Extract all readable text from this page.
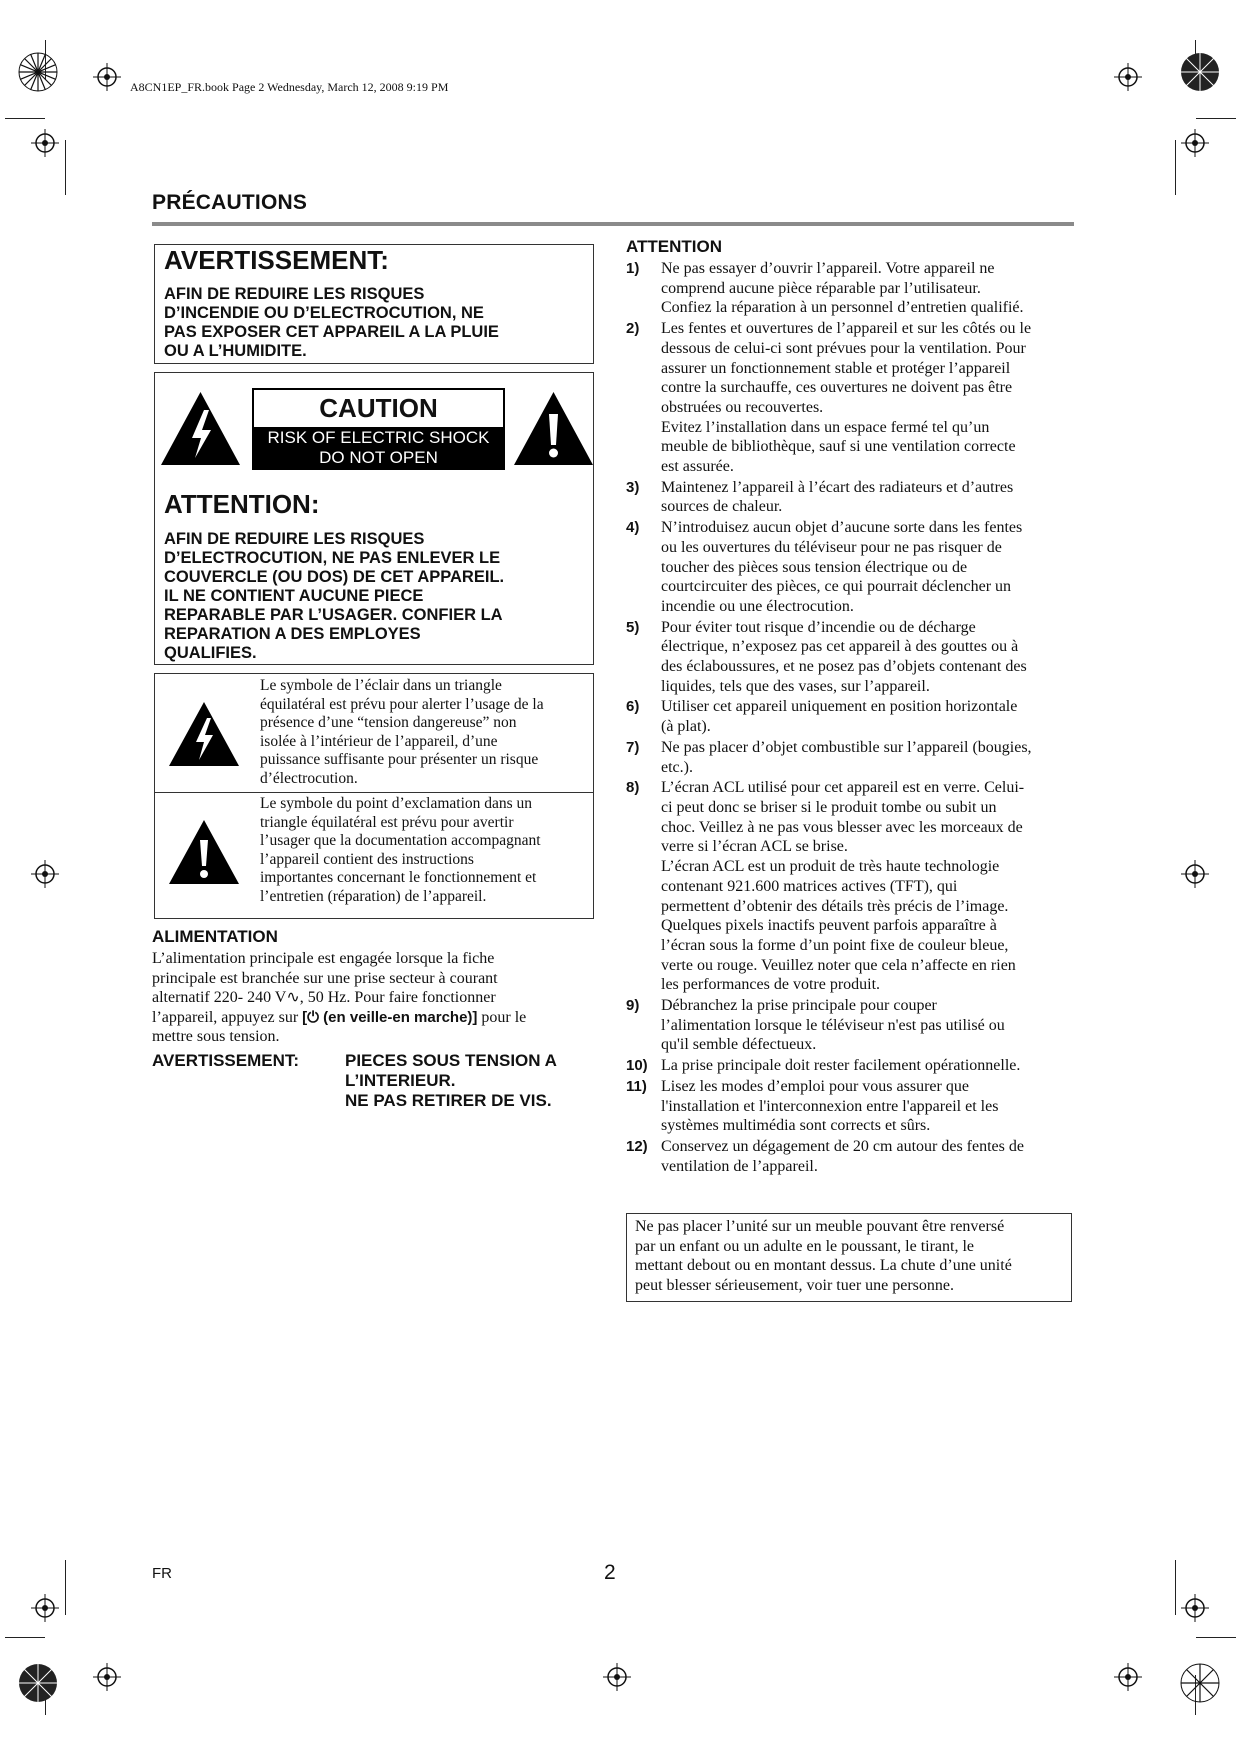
A8CN1EP_FR.book Page 2 Wednesday, March 12, 2008 9:19 PM
PRÉCAUTIONS
AVERTISSEMENT:
AFIN DE REDUIRE LES RISQUES
D’INCENDIE OU D’ELECTROCUTION, NE
PAS EXPOSER CET APPAREIL A LA PLUIE
OU A L’HUMIDITE.
CAUTION
RISK OF ELECTRIC SHOCK
DO NOT OPEN
ATTENTION:
AFIN DE REDUIRE LES RISQUES
D’ELECTROCUTION, NE PAS ENLEVER LE
COUVERCLE (OU DOS) DE CET APPAREIL.
IL NE CONTIENT AUCUNE PIECE
REPARABLE PAR L’USAGER. CONFIER LA
REPARATION A DES EMPLOYES
QUALIFIES.
Le symbole de l’éclair dans un triangle
équilatéral est prévu pour alerter l’usage de la
présence d’une “tension dangereuse” non
isolée à l’intérieur de l’appareil, d’une
puissance suffisante pour présenter un risque
d’électrocution.
Le symbole du point d’exclamation dans un
triangle équilatéral est prévu pour avertir
l’usager que la documentation accompagnant
l’appareil contient des instructions
importantes concernant le fonctionnement et
l’entretien (réparation) de l’appareil.
ALIMENTATION
L’alimentation principale est engagée lorsque la fiche
principale est branchée sur une prise secteur à courant
alternatif 220- 240 V∿, 50 Hz. Pour faire fonctionner
l’appareil, appuyez sur [⏻ (en veille-en marche)] pour le
mettre sous tension.
AVERTISSEMENT:	PIECES SOUS TENSION A
L’INTERIEUR.
NE PAS RETIRER DE VIS.
ATTENTION
1) Ne pas essayer d’ouvrir l’appareil. Votre appareil ne
comprend aucune pièce réparable par l’utilisateur.
Confiez la réparation à un personnel d’entretien qualifié.
2) Les fentes et ouvertures de l’appareil et sur les côtés ou le
dessous de celui-ci sont prévues pour la ventilation. Pour
assurer un fonctionnement stable et protéger l’appareil
contre la surchauffe, ces ouvertures ne doivent pas être
obstruées ou recouvertes.
Evitez l’installation dans un espace fermé tel qu’un
meuble de bibliothèque, sauf si une ventilation correcte
est assurée.
3) Maintenez l’appareil à l’écart des radiateurs et d’autres
sources de chaleur.
4) N’introduisez aucun objet d’aucune sorte dans les fentes
ou les ouvertures du téléviseur pour ne pas risquer de
toucher des pièces sous tension électrique ou de
courtcircuiter des pièces, ce qui pourrait déclencher un
incendie ou une électrocution.
5) Pour éviter tout risque d’incendie ou de décharge
électrique, n’exposez pas cet appareil à des gouttes ou à
des éclaboussures, et ne posez pas d’objets contenant des
liquides, tels que des vases, sur l’appareil.
6) Utiliser cet appareil uniquement en position horizontale
(à plat).
7) Ne pas placer d’objet combustible sur l’appareil (bougies,
etc.).
8) L’écran ACL utilisé pour cet appareil est en verre. Celui-
ci peut donc se briser si le produit tombe ou subit un
choc. Veillez à ne pas vous blesser avec les morceaux de
verre si l’écran ACL se brise.
L’écran ACL est un produit de très haute technologie
contenant 921.600 matrices actives (TFT), qui
permettent d’obtenir des détails très précis de l’image.
Quelques pixels inactifs peuvent parfois apparaître à
l’écran sous la forme d’un point fixe de couleur bleue,
verte ou rouge. Veuillez noter que cela n’affecte en rien
les performances de votre produit.
9) Débranchez la prise principale pour couper
l’alimentation lorsque le téléviseur n'est pas utilisé ou
qu'il semble défectueux.
10) La prise principale doit rester facilement opérationnelle.
11) Lisez les modes d’emploi pour vous assurer que
l'installation et l'interconnexion entre l'appareil et les
systèmes multimédia sont corrects et sûrs.
12) Conservez un dégagement de 20 cm autour des fentes de
ventilation de l’appareil.
Ne pas placer l’unité sur un meuble pouvant être renversé
par un enfant ou un adulte en le poussant, le tirant, le
mettant debout ou en montant dessus. La chute d’une unité
peut blesser sérieusement, voir tuer une personne.
FR	2
